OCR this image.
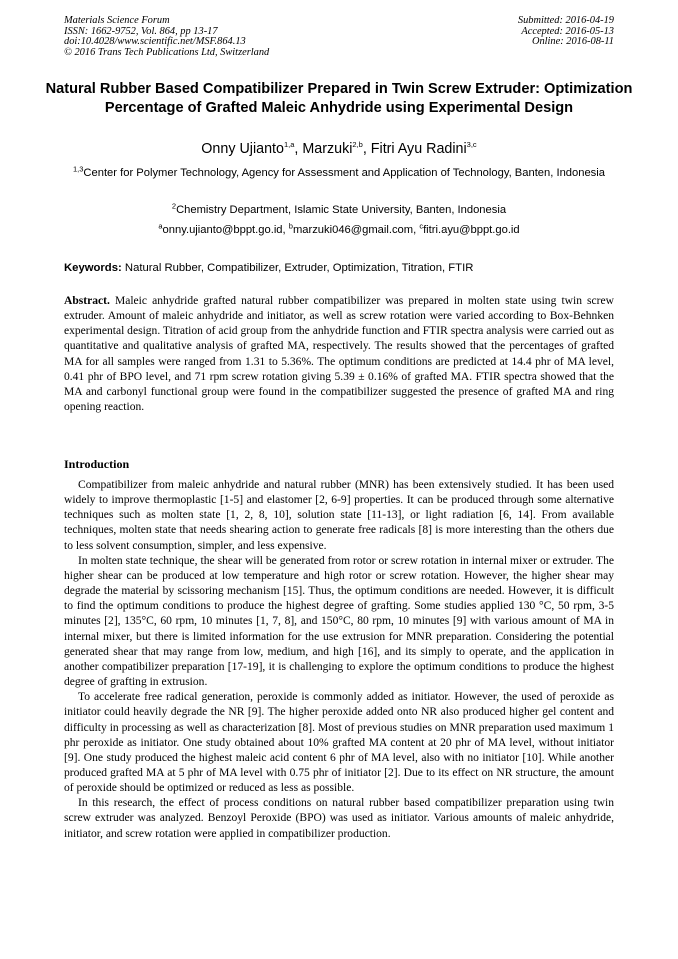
Materials Science Forum
ISSN: 1662-9752, Vol. 864, pp 13-17
doi:10.4028/www.scientific.net/MSF.864.13
© 2016 Trans Tech Publications Ltd, Switzerland
Submitted: 2016-04-19
Accepted: 2016-05-13
Online: 2016-08-11
Natural Rubber Based Compatibilizer Prepared in Twin Screw Extruder: Optimization Percentage of Grafted Maleic Anhydride using Experimental Design
Onny Ujianto$^{1,a}$, Marzuki$^{2,b}$, Fitri Ayu Radini$^{3,c}$
$^{1,3}$Center for Polymer Technology, Agency for Assessment and Application of Technology, Banten, Indonesia
$^2$Chemistry Department, Islamic State University, Banten, Indonesia
$^a$onny.ujianto@bppt.go.id, $^b$marzuki046@gmail.com, $^c$fitri.ayu@bppt.go.id
Keywords: Natural Rubber, Compatibilizer, Extruder, Optimization, Titration, FTIR
Abstract. Maleic anhydride grafted natural rubber compatibilizer was prepared in molten state using twin screw extruder. Amount of maleic anhydride and initiator, as well as screw rotation were varied according to Box-Behnken experimental design. Titration of acid group from the anhydride function and FTIR spectra analysis were carried out as quantitative and qualitative analysis of grafted MA, respectively. The results showed that the percentages of grafted MA for all samples were ranged from 1.31 to 5.36%. The optimum conditions are predicted at 14.4 phr of MA level, 0.41 phr of BPO level, and 71 rpm screw rotation giving 5.39 ± 0.16% of grafted MA. FTIR spectra showed that the MA and carbonyl functional group were found in the compatibilizer suggested the presence of grafted MA and ring opening reaction.
Introduction

Compatibilizer from maleic anhydride and natural rubber (MNR) has been extensively studied. It has been used widely to improve thermoplastic [1-5] and elastomer [2, 6-9] properties. It can be produced through some alternative techniques such as molten state [1, 2, 8, 10], solution state [11-13], or light radiation [6, 14]. From available techniques, molten state that needs shearing action to generate free radicals [8] is more interesting than the others due to less solvent consumption, simpler, and less expensive.

In molten state technique, the shear will be generated from rotor or screw rotation in internal mixer or extruder. The higher shear can be produced at low temperature and high rotor or screw rotation. However, the higher shear may degrade the material by scissoring mechanism [15]. Thus, the optimum conditions are needed. However, it is difficult to find the optimum conditions to produce the highest degree of grafting. Some studies applied 130 °C, 50 rpm, 3-5 minutes [2], 135°C, 60 rpm, 10 minutes [1, 7, 8], and 150°C, 80 rpm, 10 minutes [9] with various amount of MA in internal mixer, but there is limited information for the use extrusion for MNR preparation. Considering the potential generated shear that may range from low, medium, and high [16], and its simply to operate, and the application in another compatibilizer preparation [17-19], it is challenging to explore the optimum conditions to produce the highest degree of grafting in extrusion.

To accelerate free radical generation, peroxide is commonly added as initiator. However, the used of peroxide as initiator could heavily degrade the NR [9]. The higher peroxide added onto NR also produced higher gel content and difficulty in processing as well as characterization [8]. Most of previous studies on MNR preparation used maximum 1 phr peroxide as initiator. One study obtained about 10% grafted MA content at 20 phr of MA level, without initiator [9]. One study produced the highest maleic acid content 6 phr of MA level, also with no initiator [10]. While another produced grafted MA at 5 phr of MA level with 0.75 phr of initiator [2]. Due to its effect on NR structure, the amount of peroxide should be optimized or reduced as less as possible.

In this research, the effect of process conditions on natural rubber based compatibilizer preparation using twin screw extruder was analyzed. Benzoyl Peroxide (BPO) was used as initiator. Various amounts of maleic anhydride, initiator, and screw rotation were applied in compatibilizer production.
